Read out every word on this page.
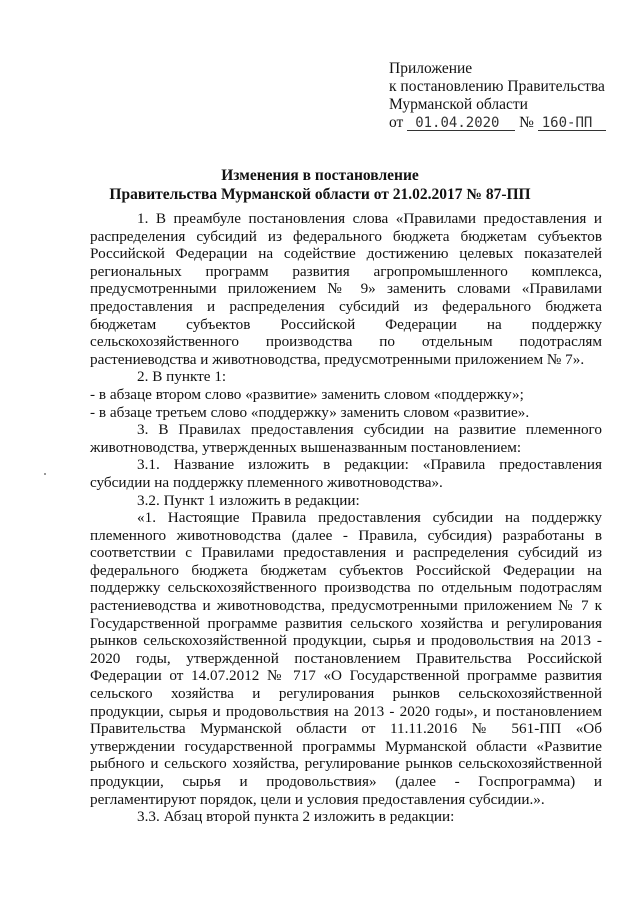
Приложение
к постановлению Правительства
Мурманской области
от 01.04.2020 № 160-ПП
Изменения в постановление
Правительства Мурманской области от 21.02.2017 № 87-ПП

1. В преамбуле постановления слова «Правилами предоставления и распределения субсидий из федерального бюджета бюджетам субъектов Российской Федерации на содействие достижению целевых показателей региональных программ развития агропромышленного комплекса, предусмотренными приложением № 9» заменить словами «Правилами предоставления и распределения субсидий из федерального бюджета бюджетам субъектов Российской Федерации на поддержку сельскохозяйственного производства по отдельным подотраслям растениеводства и животноводства, предусмотренными приложением № 7».

2. В пункте 1:

- в абзаце втором слово «развитие» заменить словом «поддержку»;

- в абзаце третьем слово «поддержку» заменить словом «развитие».

3. В Правилах предоставления субсидии на развитие племенного животноводства, утвержденных вышеназванным постановлением:

3.1. Название изложить в редакции: «Правила предоставления субсидии на поддержку племенного животноводства».

3.2. Пункт 1 изложить в редакции:

«1. Настоящие Правила предоставления субсидии на поддержку племенного животноводства (далее - Правила, субсидия) разработаны в соответствии с Правилами предоставления и распределения субсидий из федерального бюджета бюджетам субъектов Российской Федерации на поддержку сельскохозяйственного производства по отдельным подотраслям растениеводства и животноводства, предусмотренными приложением № 7 к Государственной программе развития сельского хозяйства и регулирования рынков сельскохозяйственной продукции, сырья и продовольствия на 2013 - 2020 годы, утвержденной постановлением Правительства Российской Федерации от 14.07.2012 № 717 «О Государственной программе развития сельского хозяйства и регулирования рынков сельскохозяйственной продукции, сырья и продовольствия на 2013 - 2020 годы», и постановлением Правительства Мурманской области от 11.11.2016 № 561-ПП «Об утверждении государственной программы Мурманской области «Развитие рыбного и сельского хозяйства, регулирование рынков сельскохозяйственной продукции, сырья и продовольствия» (далее - Госпрограмма) и регламентируют порядок, цели и условия предоставления субсидии.».

3.3. Абзац второй пункта 2 изложить в редакции:
